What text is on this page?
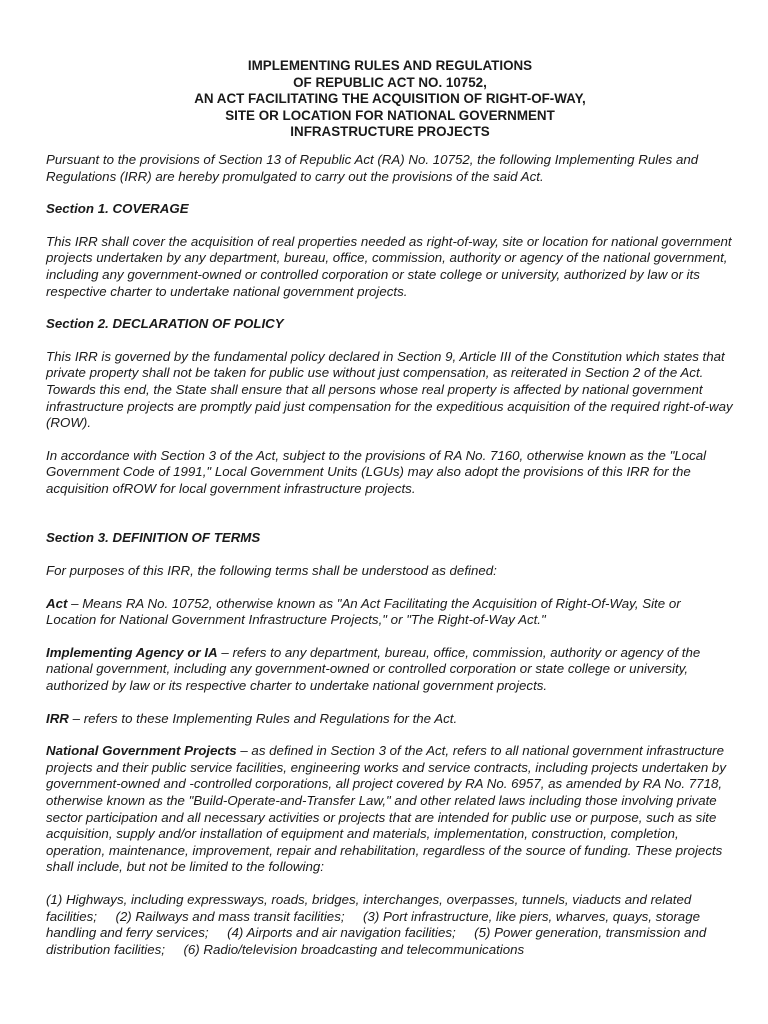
IMPLEMENTING RULES AND REGULATIONS
OF REPUBLIC ACT NO. 10752,
AN ACT FACILITATING THE ACQUISITION OF RIGHT-OF-WAY,
SITE OR LOCATION FOR NATIONAL GOVERNMENT
INFRASTRUCTURE PROJECTS

Pursuant to the provisions of Section 13 of Republic Act (RA) No. 10752, the following Implementing Rules and Regulations (IRR) are hereby promulgated to carry out the provisions of the said Act.

Section 1. COVERAGE

This IRR shall cover the acquisition of real properties needed as right-of-way, site or location for national government projects undertaken by any department, bureau, office, commission, authority or agency of the national government, including any government-owned or controlled corporation or state college or university, authorized by law or its respective charter to undertake national government projects.

Section 2. DECLARATION OF POLICY

This IRR is governed by the fundamental policy declared in Section 9, Article III of the Constitution which states that private property shall not be taken for public use without just compensation, as reiterated in Section 2 of the Act. Towards this end, the State shall ensure that all persons whose real property is affected by national government infrastructure projects are promptly paid just compensation for the expeditious acquisition of the required right-of-way (ROW).

In accordance with Section 3 of the Act, subject to the provisions of RA No. 7160, otherwise known as the "Local Government Code of 1991," Local Government Units (LGUs) may also adopt the provisions of this IRR for the acquisition ofROW for local government infrastructure projects.

Section 3. DEFINITION OF TERMS

For purposes of this IRR, the following terms shall be understood as defined:

Act – Means RA No. 10752, otherwise known as "An Act Facilitating the Acquisition of Right-Of-Way, Site or Location for National Government Infrastructure Projects," or "The Right-of-Way Act."

Implementing Agency or IA – refers to any department, bureau, office, commission, authority or agency of the national government, including any government-owned or controlled corporation or state college or university, authorized by law or its respective charter to undertake national government projects.

IRR – refers to these Implementing Rules and Regulations for the Act.

National Government Projects – as defined in Section 3 of the Act, refers to all national government infrastructure projects and their public service facilities, engineering works and service contracts, including projects undertaken by government-owned and -controlled corporations, all project covered by RA No. 6957, as amended by RA No. 7718, otherwise known as the "Build-Operate-and-Transfer Law," and other related laws including those involving private sector participation and all necessary activities or projects that are intended for public use or purpose, such as site acquisition, supply and/or installation of equipment and materials, implementation, construction, completion, operation, maintenance, improvement, repair and rehabilitation, regardless of the source of funding. These projects shall include, but not be limited to the following:

(1) Highways, including expressways, roads, bridges, interchanges, overpasses, tunnels, viaducts and related facilities;     (2) Railways and mass transit facilities;     (3) Port infrastructure, like piers, wharves, quays, storage handling and ferry services;     (4) Airports and air navigation facilities;     (5) Power generation, transmission and distribution facilities;     (6) Radio/television broadcasting and telecommunications
